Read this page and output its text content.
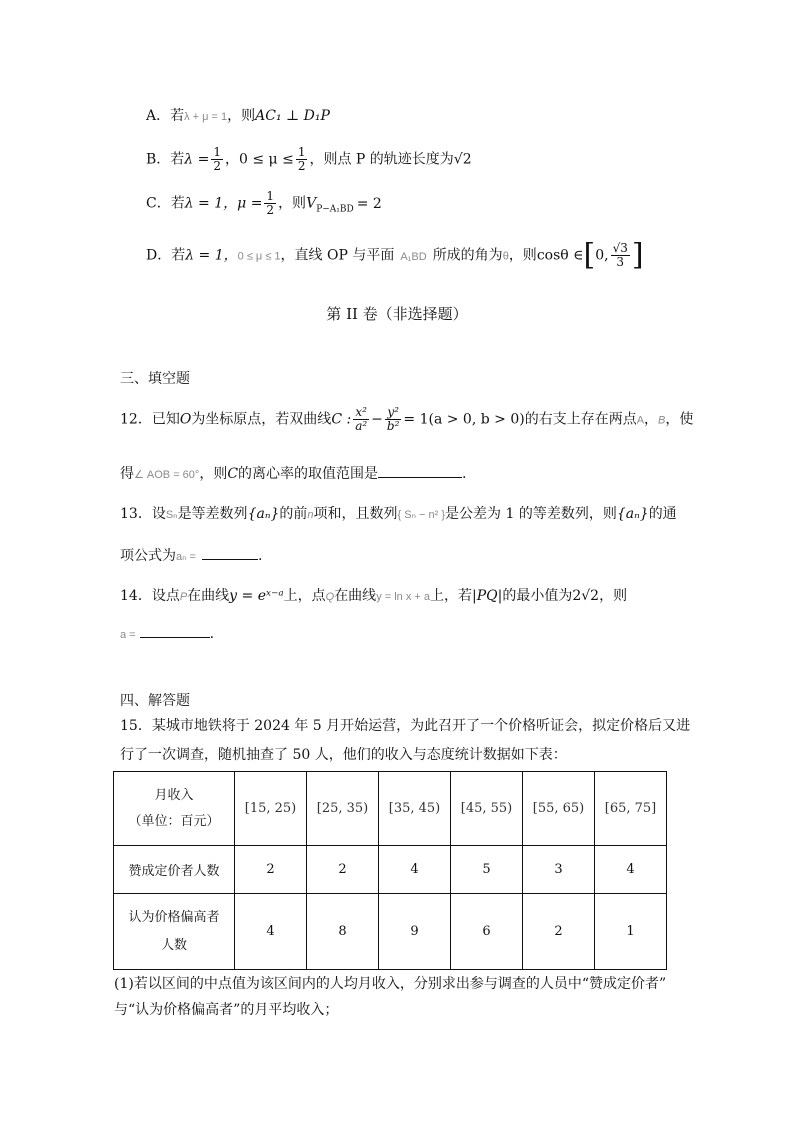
A．若λ + μ = 1，则AC₁ ⊥ D₁P
B．若$\lambda = \frac{1}{2}$ ，$0 \le \mu \le \frac{1}{2}$ ，则点 P 的轨迹长度为√2
C．若λ = 1，$\mu = \frac{1}{2}$ ，则$V_{P-A_1BD} = 2$
D．若λ = 1，0 ≤ μ ≤ 1，直线 OP 与平面 A₁BD 所成的角为θ，则cosθ ∈[0, $\frac{√3}{3}$ ]
第 II 卷（非选择题）
三、填空题
12．已知O为坐标原点，若双曲线C : $\frac{\text{x²}}{\text{a²}} - \frac{\text{y²}}{\text{b²}} = 1(a > 0$, b > 0)的右支上存在两点A，B，使
得∠ AOB = 60°，则C的离心率的取值范围是	.
13．设Sₙ是等差数列{aₙ}的前n项和，且数列{ Sₙ − n² }是公差为 1 的等差数列，则{aₙ}的通
项公式为aₙ =	.
14．设点P在曲线y = eˣ⁻ᵃ上，点Q在曲线y = ln x + a上，若|PQ|的最小值为2√2，则
a =	.
四、解答题
15．某城市地铁将于 2024 年 5 月开始运营，为此召开了一个价格听证会，拟定价格后又进
行了一次调查，随机抽查了 50 人，他们的收入与态度统计数据如下表：
月收入
（单位：百元）	[15, 25)	[25, 35)	[35, 45)	[45, 55)	[55, 65)	[65, 75]
赞成定价者人数	2	2	4	5	3	4

认为价格偏高者
人数	4	8	9	6	2	1
(1)若以区间的中点值为该区间内的人均月收入，分别求出参与调查的人员中“赞成定价者”
与“认为价格偏高者”的月平均收入；
